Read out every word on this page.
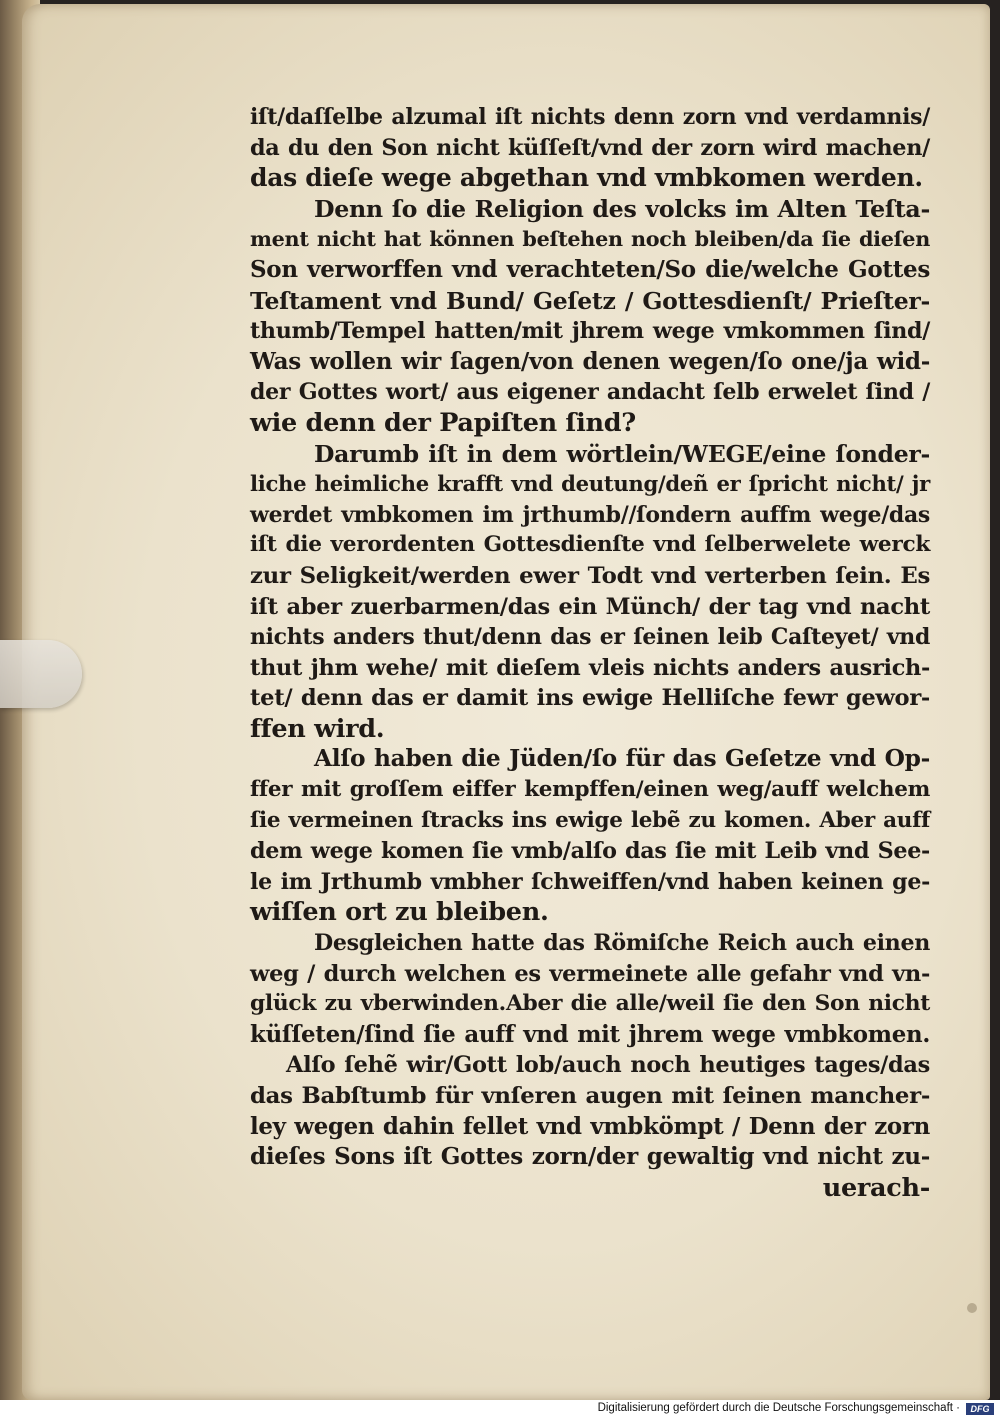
iſt/daſſelbe alzumal iſt nichts denn zorn vnd verdamnis/
da du den Son nicht küſſeſt/vnd der zorn wird machen/
das dieſe wege abgethan vnd vmbkomen werden.
Denn ſo die Religion des volcks im Alten Teſta-
ment nicht hat können beſtehen noch bleiben/da ſie dieſen
Son verworffen vnd verachteten/So die/welche Gottes
Teſtament vnd Bund/ Geſetz / Gottesdienſt/ Prieſter-
thumb/Tempel hatten/mit jhrem wege vmkommen ſind/
Was wollen wir ſagen/von denen wegen/ſo one/ja wid-
der Gottes wort/ aus eigener andacht ſelb erwelet ſind /
wie denn der Papiſten ſind?
Darumb iſt in dem wörtlein/WEGE/eine ſonder-
liche heimliche krafft vnd deutung/deñ er ſpricht nicht/ jr
werdet vmbkomen im jrthumb//ſondern auffm wege/das
iſt die verordenten Gottesdienſte vnd ſelberwelete werck
zur Seligkeit/werden ewer Todt vnd verterben ſein. Es
iſt aber zuerbarmen/das ein Münch/ der tag vnd nacht
nichts anders thut/denn das er ſeinen leib Caſteyet/ vnd
thut jhm wehe/ mit dieſem vleis nichts anders ausrich-
tet/ denn das er damit ins ewige Helliſche fewr gewor-
ffen wird.
Alſo haben die Jüden/ſo für das Geſetze vnd Op-
ffer mit groſſem eiffer kempffen/einen weg/auff welchem
ſie vermeinen ſtracks ins ewige lebẽ zu komen. Aber auff
dem wege komen ſie vmb/alſo das ſie mit Leib vnd See-
le im Jrthumb vmbher ſchweiffen/vnd haben keinen ge-
wiſſen ort zu bleiben.
Desgleichen hatte das Römiſche Reich auch einen
weg / durch welchen es vermeinete alle gefahr vnd vn-
glück zu vberwinden.Aber die alle/weil ſie den Son nicht
küſſeten/ſind ſie auff vnd mit jhrem wege vmbkomen.
Alſo ſehẽ wir/Gott lob/auch noch heutiges tages/das
das Babſtumb für vnſeren augen mit ſeinen mancher-
ley wegen dahin fellet vnd vmbkömpt / Denn der zorn
dieſes Sons iſt Gottes zorn/der gewaltig vnd nicht zu-
uerach-
Digitalisierung gefördert durch die Deutsche Forschungsgemeinschaft ·	DFG
